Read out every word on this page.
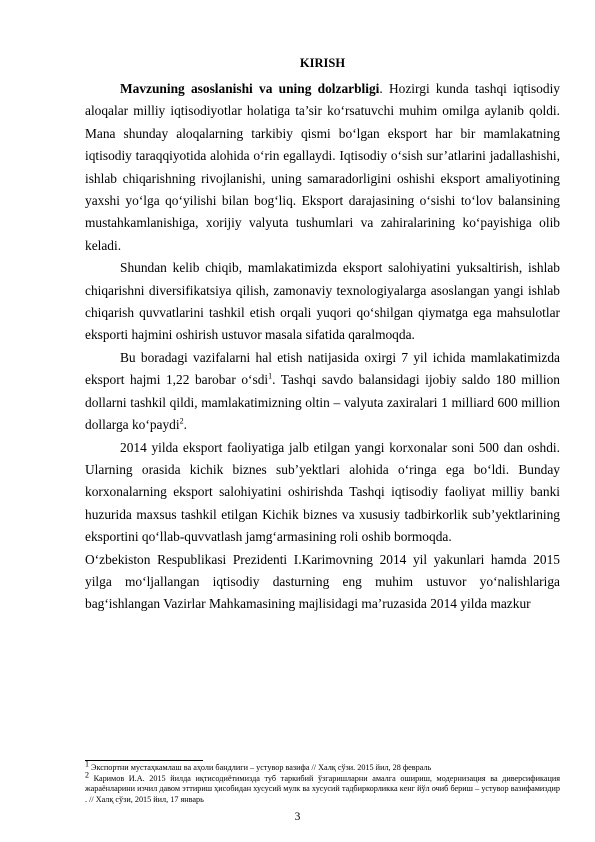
KIRISH

Mavzuning asoslanishi va uning dolzarbligi. Hozirgi kunda tashqi iqtisodiy aloqalar milliy iqtisodiyotlar holatiga ta’sir ko‘rsatuvchi muhim omilga aylanib qoldi. Mana shunday aloqalarning tarkibiy qismi bo‘lgan eksport har bir mamlakatning iqtisodiy taraqqiyotida alohida o‘rin egallaydi. Iqtisodiy o‘sish sur’atlarini jadallashishi, ishlab chiqarishning rivojlanishi, uning samaradorligini oshishi eksport amaliyotining yaxshi yo‘lga qo‘yilishi bilan bog‘liq. Eksport darajasining o‘sishi to‘lov balansining mustahkamlanishiga, xorijiy valyuta tushumlari va zahiralarining ko‘payishiga olib keladi.

Shundan kelib chiqib, mamlakatimizda eksport salohiyatini yuksaltirish, ishlab chiqarishni diversifikatsiya qilish, zamonaviy texnologiyalarga asoslangan yangi ishlab chiqarish quvvatlarini tashkil etish orqali yuqori qo‘shilgan qiymatga ega mahsulotlar eksporti hajmini oshirish ustuvor masala sifatida qaralmoqda.

Bu boradagi vazifalarni hal etish natijasida oxirgi 7 yil ichida mamlakatimizda eksport hajmi 1,22 barobar o‘sdi$^1$. Tashqi savdo balansidagi ijobiy saldo 180 million dollarni tashkil qildi, mamlakatimizning oltin – valyuta zaxiralari 1 milliard 600 million dollarga ko‘paydi$^2$.

2014 yilda eksport faoliyatiga jalb etilgan yangi korxonalar soni 500 dan oshdi. Ularning orasida kichik biznes sub’yektlari alohida o‘ringa ega bo‘ldi. Bunday korxonalarning eksport salohiyatini oshirishda Tashqi iqtisodiy faoliyat milliy banki huzurida maxsus tashkil etilgan Kichik biznes va xususiy tadbirkorlik sub’yektlarining eksportini qo‘llab-quvvatlash jamg‘armasining roli oshib bormoqda.

O‘zbekiston Respublikasi Prezidenti I.Karimovning 2014 yil yakunlari hamda 2015 yilga mo‘ljallangan iqtisodiy dasturning eng muhim ustuvor yo‘nalishlariga bag‘ishlangan Vazirlar Mahkamasining majlisidagi ma’ruzasida 2014 yilda mazkur

$^1$ Экспортни мустаҳкамлаш ва аҳоли бандлиги – устувор вазифа // Халқ сўзи. 2015 йил, 28 февраль

$^2$ Каримов И.А. 2015 йилда иқтисодиётимизда туб таркибий ўзгаришларни амалга ошириш, модернизация ва диверсификация жараёнларини изчил давом эттириш ҳисобидан хусусий мулк ва хусусий тадбиркорликка кенг йўл очиб бериш – устувор вазифамиздир . // Халқ сўзи, 2015 йил, 17 январь

3
